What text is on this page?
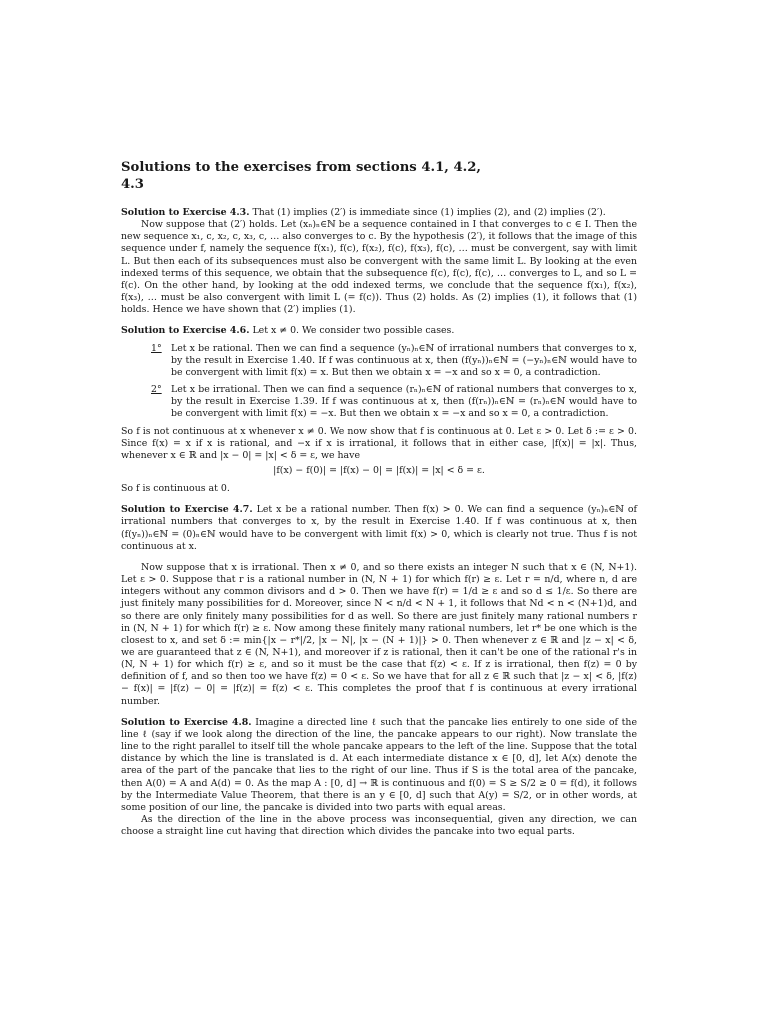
Solutions to the exercises from sections 4.1, 4.2, 4.3

Solution to Exercise 4.3. That (1) implies (2′) is immediate since (1) implies (2), and (2) implies (2′).

Now suppose that (2′) holds. Let (xₙ)ₙ∈ℕ be a sequence contained in I that converges to c ∈ I. Then the new sequence x₁, c, x₂, c, x₃, c, … also converges to c. By the hypothesis (2′), it follows that the image of this sequence under f, namely the sequence f(x₁), f(c), f(x₂), f(c), f(x₃), f(c), … must be convergent, say with limit L. But then each of its subsequences must also be convergent with the same limit L. By looking at the even indexed terms of this sequence, we obtain that the subsequence f(c), f(c), f(c), … converges to L, and so L = f(c). On the other hand, by looking at the odd indexed terms, we conclude that the sequence f(x₁), f(x₂), f(x₃), … must be also convergent with limit L (= f(c)). Thus (2) holds. As (2) implies (1), it follows that (1) holds. Hence we have shown that (2′) implies (1).

Solution to Exercise 4.6. Let x ≠ 0. We consider two possible cases.

1° Let x be rational. Then we can find a sequence (yₙ)ₙ∈ℕ of irrational numbers that converges to x, by the result in Exercise 1.40. If f was continuous at x, then (f(yₙ))ₙ∈ℕ = (−yₙ)ₙ∈ℕ would have to be convergent with limit f(x) = x. But then we obtain x = −x and so x = 0, a contradiction.

2° Let x be irrational. Then we can find a sequence (rₙ)ₙ∈ℕ of rational numbers that converges to x, by the result in Exercise 1.39. If f was continuous at x, then (f(rₙ))ₙ∈ℕ = (rₙ)ₙ∈ℕ would have to be convergent with limit f(x) = −x. But then we obtain x = −x and so x = 0, a contradiction.

So f is not continuous at x whenever x ≠ 0. We now show that f is continuous at 0. Let ε > 0. Let δ := ε > 0. Since f(x) = x if x is rational, and −x if x is irrational, it follows that in either case, |f(x)| = |x|. Thus, whenever x ∈ ℝ and |x − 0| = |x| < δ = ε, we have

|f(x) − f(0)| = |f(x) − 0| = |f(x)| = |x| < δ = ε.

So f is continuous at 0.

Solution to Exercise 4.7. Let x be a rational number. Then f(x) > 0. We can find a sequence (yₙ)ₙ∈ℕ of irrational numbers that converges to x, by the result in Exercise 1.40. If f was continuous at x, then (f(yₙ))ₙ∈ℕ = (0)ₙ∈ℕ would have to be convergent with limit f(x) > 0, which is clearly not true. Thus f is not continuous at x.

Now suppose that x is irrational. Then x ≠ 0, and so there exists an integer N such that x ∈ (N, N+1). Let ε > 0. Suppose that r is a rational number in (N, N + 1) for which f(r) ≥ ε. Let r = n/d, where n, d are integers without any common divisors and d > 0. Then we have f(r) = 1/d ≥ ε and so d ≤ 1/ε. So there are just finitely many possibilities for d. Moreover, since N < n/d < N + 1, it follows that Nd < n < (N+1)d, and so there are only finitely many possibilities for d as well. So there are just finitely many rational numbers r in (N, N + 1) for which f(r) ≥ ε. Now among these finitely many rational numbers, let r* be one which is the closest to x, and set δ := min{|x − r*|/2, |x − N|, |x − (N + 1)|} > 0. Then whenever z ∈ ℝ and |z − x| < δ, we are guaranteed that z ∈ (N, N+1), and moreover if z is rational, then it can't be one of the rational r's in (N, N + 1) for which f(r) ≥ ε, and so it must be the case that f(z) < ε. If z is irrational, then f(z) = 0 by definition of f, and so then too we have f(z) = 0 < ε. So we have that for all z ∈ ℝ such that |z − x| < δ, |f(z) − f(x)| = |f(z) − 0| = |f(z)| = f(z) < ε. This completes the proof that f is continuous at every irrational number.

Solution to Exercise 4.8. Imagine a directed line ℓ such that the pancake lies entirely to one side of the line ℓ (say if we look along the direction of the line, the pancake appears to our right). Now translate the line to the right parallel to itself till the whole pancake appears to the left of the line. Suppose that the total distance by which the line is translated is d. At each intermediate distance x ∈ [0, d], let A(x) denote the area of the part of the pancake that lies to the right of our line. Thus if S is the total area of the pancake, then A(0) = A and A(d) = 0. As the map A : [0, d] → ℝ is continuous and f(0) = S ≥ S/2 ≥ 0 = f(d), it follows by the Intermediate Value Theorem, that there is an y ∈ [0, d] such that A(y) = S/2, or in other words, at some position of our line, the pancake is divided into two parts with equal areas.

As the direction of the line in the above process was inconsequential, given any direction, we can choose a straight line cut having that direction which divides the pancake into two equal parts.
